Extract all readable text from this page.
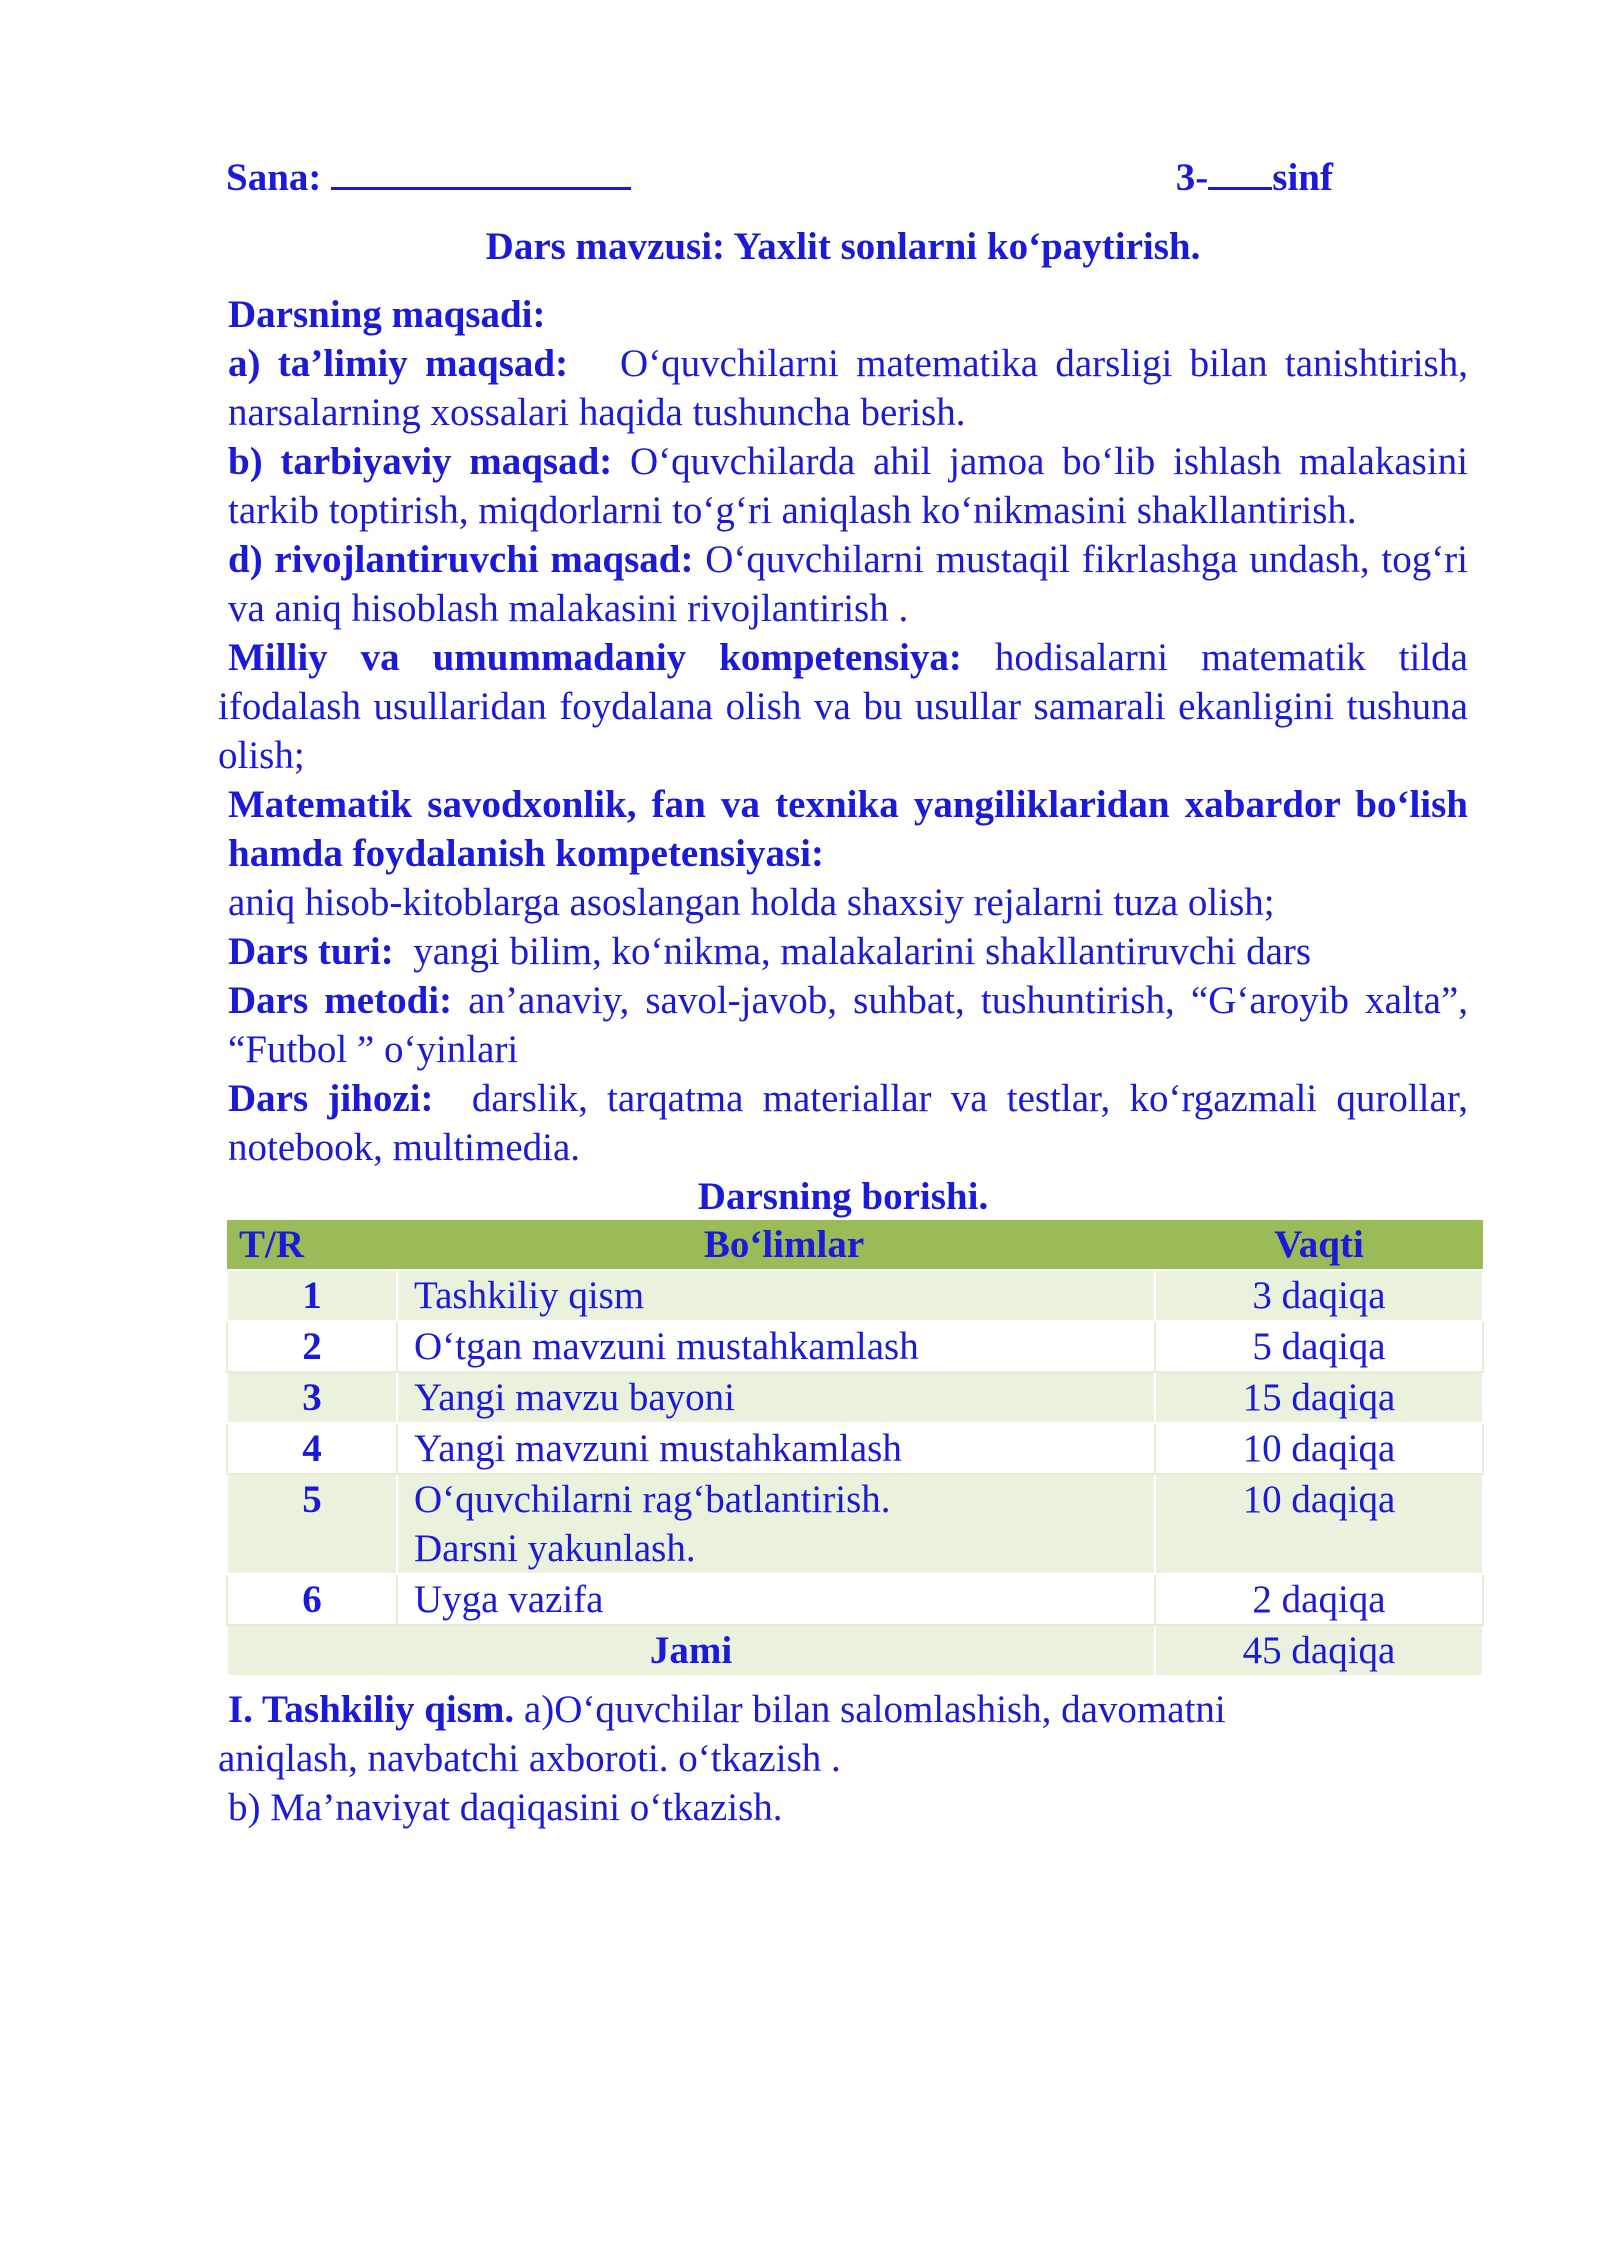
Sana:	3- sinf
Dars mavzusi: Yaxlit sonlarni ko‘paytirish.
Darsning maqsadi:
a) ta’limiy maqsad: O‘quvchilarni matematika darsligi bilan tanishtirish, narsalarning xossalari haqida tushuncha berish.
b) tarbiyaviy maqsad: O‘quvchilarda ahil jamoa bo‘lib ishlash malakasini tarkib toptirish, miqdorlarni to‘g‘ri aniqlash ko‘nikmasini shakllantirish.
d) rivojlantiruvchi maqsad: O‘quvchilarni mustaqil fikrlashga undash, tog‘ri va aniq hisoblash malakasini rivojlantirish .
Milliy va umummadaniy kompetensiya: hodisalarni matematik tilda ifodalash usullaridan foydalana olish va bu usullar samarali ekanligini tushuna olish;
Matematik savodxonlik, fan va texnika yangiliklaridan xabardor bo‘lish hamda foydalanish kompetensiyasi:
aniq hisob-kitoblarga asoslangan holda shaxsiy rejalarni tuza olish;
Dars turi: yangi bilim, ko‘nikma, malakalarini shakllantiruvchi dars
Dars metodi: an’anaviy, savol-javob, suhbat, tushuntirish, “G‘aroyib xalta”, “Futbol ” o‘yinlari
Dars jihozi: darslik, tarqatma materiallar va testlar, ko‘rgazmali qurollar, notebook, multimedia.
Darsning borishi.
T/R	Bo‘limlar	Vaqti
1	Tashkiliy qism	3 daqiqa
2	O‘tgan mavzuni mustahkamlash	5 daqiqa
3	Yangi mavzu bayoni	15 daqiqa
4	Yangi mavzuni mustahkamlash	10 daqiqa
5	O‘quvchilarni rag‘batlantirish.
Darsni yakunlash.	10 daqiqa
6	Uyga vazifa	2 daqiqa
Jami		45 daqiqa
I. Tashkiliy qism. a)O‘quvchilar bilan salomlashish, davomatni
aniqlash, navbatchi axboroti. o‘tkazish .
b) Ma’naviyat daqiqasini o‘tkazish.
